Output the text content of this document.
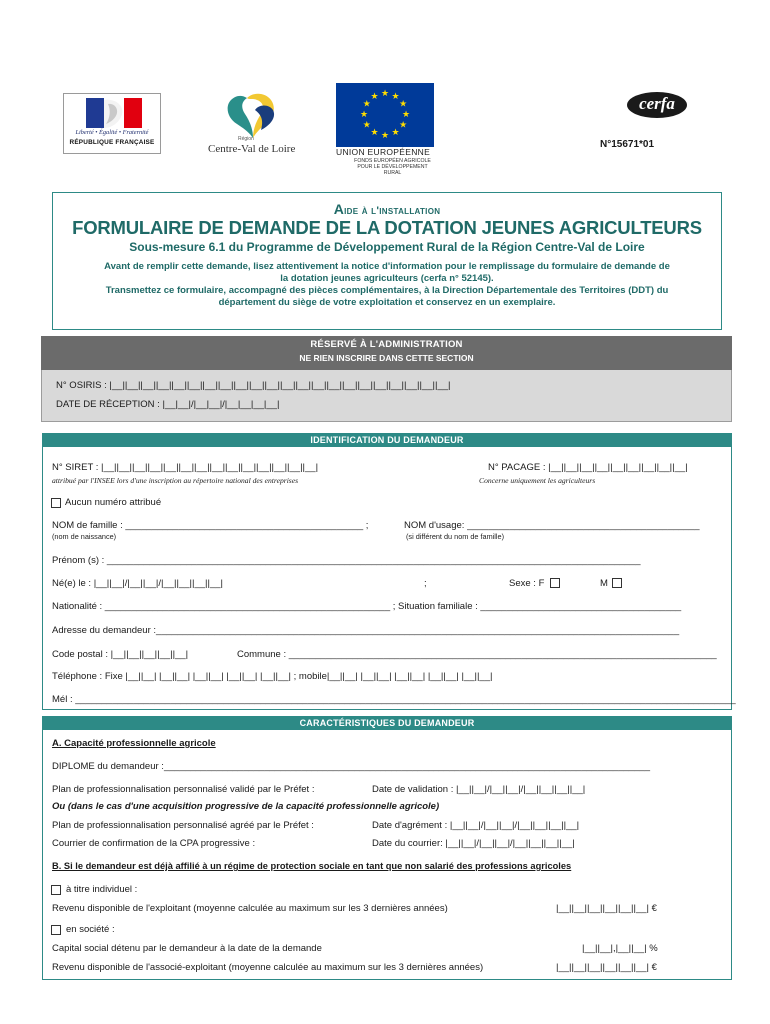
Liberté • Égalité • Fraternité
RÉPUBLIQUE FRANÇAISE	Région
Centre-Val de Loire
★ ★
★
★
★
★
★
★
★
★
★
★
UNION EUROPÉENNE
FONDS EUROPÉEN AGRICOLE
POUR LE DÉVELOPPEMENT RURAL
cerfa
N°15671*01
Aide à l'installation
FORMULAIRE DE DEMANDE DE LA DOTATION JEUNES AGRICULTEURS
Sous-mesure 6.1 du Programme de Développement Rural de la Région Centre-Val de Loire
Avant de remplir cette demande, lisez attentivement la notice d'information pour le remplissage du formulaire de demande de
la dotation jeunes agriculteurs (cerfa n° 52145).
Transmettez ce formulaire, accompagné des pièces complémentaires, à la Direction Départementale des Territoires (DDT) du
département du siège de votre exploitation et conservez en un exemplaire.
RÉSERVÉ À L'ADMINISTRATION
NE RIEN INSCRIRE DANS CETTE SECTION
N° OSIRIS : |__||__||__||__||__||__||__||__||__||__||__||__||__||__||__||__||__||__||__||__||__||__|
DATE DE RÉCEPTION : |__|__|/|__|__|/|__|__|__|__|
IDENTIFICATION DU DEMANDEUR
N° SIRET : |__||__||__||__||__||__||__||__||__||__||__||__||__||__|
attribué par l'INSEE lors d'une inscription au répertoire national des entreprises
N° PACAGE : |__||__||__||__||__||__||__||__||__|
Concerne uniquement les agriculteurs
Aucun numéro attribué
NOM de famille : _____________________________________________ ;
(nom de naissance)
NOM d'usage: ____________________________________________
(si différent du nom de famille)
Prénom (s) : _____________________________________________________________________________________________________
Né(e) le : |__||__|/|__||__|/|__||__||__||__|	;	Sexe : F	M
Nationalité : ______________________________________________________ ; Situation familiale : ______________________________________
Adresse du demandeur :___________________________________________________________________________________________________
Code postal : |__||__||__||__||__|	Commune : _________________________________________________________________________________
Téléphone : Fixe |__||__| |__||__| |__||__| |__||__| |__||__| ; mobile|__||__| |__||__| |__||__| |__||__| |__||__|
Mél : _____________________________________________________________________________________________________________________________
CARACTÉRISTIQUES DU DEMANDEUR
A. Capacité professionnelle agricole
DIPLOME du demandeur :____________________________________________________________________________________________
Plan de professionnalisation personnalisé validé par le Préfet :	Date de validation : |__||__|/|__||__|/|__||__||__||__|
Ou (dans le cas d'une acquisition progressive de la capacité professionnelle agricole)
Plan de professionnalisation personnalisé agréé par le Préfet :	Date d'agrément : |__||__|/|__||__|/|__||__||__||__|
Courrier de confirmation de la CPA progressive :	Date du courrier: |__||__|/|__||__|/|__||__||__||__|
B. Si le demandeur est déjà affilié à un régime de protection sociale en tant que non salarié des professions agricoles
à titre individuel :
Revenu disponible de l'exploitant (moyenne calculée au maximum sur les 3 dernières années)	|__||__||__||__||__||__| €
en société :
Capital social détenu par le demandeur à la date de la demande	|__||__|,|__||__| %
Revenu disponible de l'associé-exploitant (moyenne calculée au maximum sur les 3 dernières années)	|__||__||__||__||__||__| €
